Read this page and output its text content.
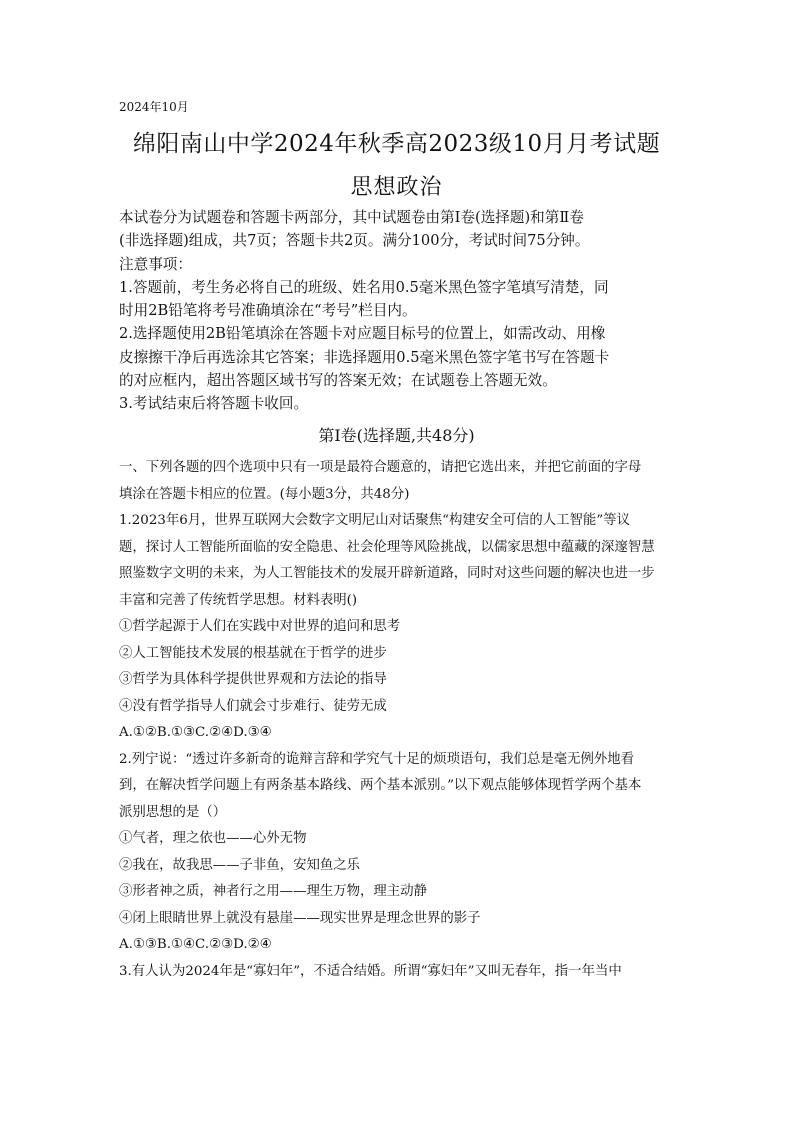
2024年10月
绵阳南山中学2024年秋季高2023级10月月考试题
思想政治
本试卷分为试题卷和答题卡两部分，其中试题卷由第Ⅰ卷(选择题)和第Ⅱ卷
(非选择题)组成，共7页；答题卡共2页。满分100分，考试时间75分钟。
注意事项：
1.答题前，考生务必将自己的班级、姓名用0.5毫米黑色签字笔填写清楚，同
时用2B铅笔将考号准确填涂在“考号”栏目内。
2.选择题使用2B铅笔填涂在答题卡对应题目标号的位置上，如需改动、用橡
皮擦擦干净后再选涂其它答案；非选择题用0.5毫米黑色签字笔书写在答题卡
的对应框内，超出答题区域书写的答案无效；在试题卷上答题无效。
3.考试结束后将答题卡收回。
第Ⅰ卷(选择题,共48分)
一、下列各题的四个选项中只有一项是最符合题意的，请把它选出来，并把它前面的字母
填涂在答题卡相应的位置。(每小题3分，共48分)
1.2023年6月，世界互联网大会数字文明尼山对话聚焦“构建安全可信的人工智能”等议
题，探讨人工智能所面临的安全隐患、社会伦理等风险挑战，以儒家思想中蕴藏的深邃智慧
照鉴数字文明的未来，为人工智能技术的发展开辟新道路，同时对这些问题的解决也进一步
丰富和完善了传统哲学思想。材料表明()
①哲学起源于人们在实践中对世界的追问和思考
②人工智能技术发展的根基就在于哲学的进步
③哲学为具体科学提供世界观和方法论的指导
④没有哲学指导人们就会寸步难行、徒劳无成
A.①②B.①③C.②④D.③④
2.列宁说：“透过许多新奇的诡辩言辞和学究气十足的烦琐语句，我们总是毫无例外地看
到，在解决哲学问题上有两条基本路线、两个基本派别。”以下观点能够体现哲学两个基本
派别思想的是（）
①气者，理之依也——心外无物
②我在，故我思——子非鱼，安知鱼之乐
③形者神之质，神者行之用——理生万物，理主动静
④闭上眼睛世界上就没有悬崖——现实世界是理念世界的影子
A.①③B.①④C.②③D.②④
3.有人认为2024年是“寡妇年”，不适合结婚。所谓“寡妇年”又叫无春年，指一年当中
